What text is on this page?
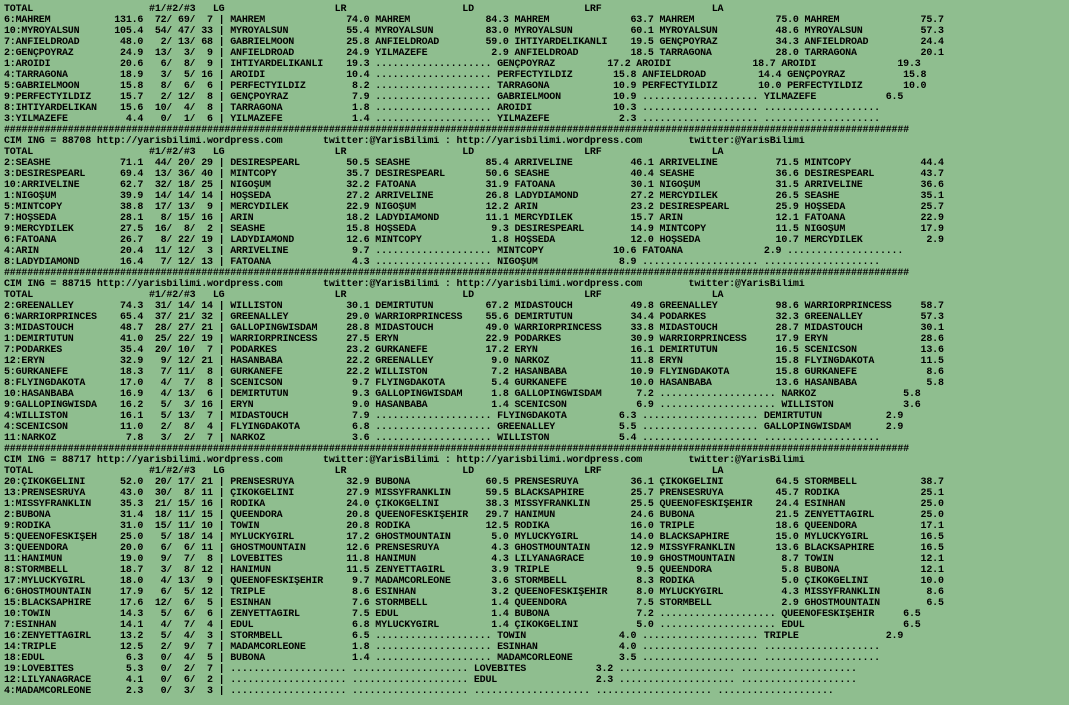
TOTAL                    #1/#2/#3   LG                   LR                    LD                   LRF                   LA
6:MAHREM           131.6  72/ 69/  7 | MAHREM              74.0 MAHREM             84.3 MAHREM              63.7 MAHREM              75.0 MAHREM              75.7
10:MYROYALSUN      105.4  54/ 47/ 33 | MYROYALSUN          55.4 MYROYALSUN         83.0 MYROYALSUN          60.1 MYROYALSUN          48.6 MYROYALSUN          57.3
7:ANFIELDROAD       48.0   2/ 13/ 68 | GABRİELMOON         25.8 ANFIELDROAD        59.0 İHTİYARDELİKANLI    19.5 GENÇPOYRAZ          34.3 ANFIELDROAD         24.4
2:GENÇPOYRAZ        24.9  13/  3/  9 | ANFIELDROAD         24.9 YILMAZEFE           2.9 ANFIELDROAD         18.5 TARRAGONA           28.0 TARRAGONA           20.1
1:AROIDI            20.6   6/  8/  9 | İHTİYARDELİKANLI    19.3 .................... GENÇPOYRAZ         17.2 AROIDI              18.7 AROIDI              19.3
4:TARRAGONA         18.9   3/  5/ 16 | AROIDI              10.4 .................... PERFECTYILDIZ       15.8 ANFIELDROAD         14.4 GENÇPOYRAZ          15.8
5:GABRİELMOON       15.8   8/  6/  6 | PERFECTYILDIZ        8.2 .................... TARRAGONA           10.9 PERFECTYILDIZ       10.0 PERFECTYILDIZ       10.0
9:PERFECTYILDIZ     15.7   2/ 12/  8 | GENÇPOYRAZ           7.9 .................... GABRİELMOON         10.9 .................... YILMAZEFE            6.5
8:İHTİYARDELİKAN    15.6  10/  4/  8 | TARRAGONA            1.8 .................... AROIDI              10.3 .................... ....................
3:YILMAZEFE          4.4   0/  1/  6 | YILMAZEFE            1.4 .................... YILMAZEFE            2.3 .................... ....................
############################################################################################################################################################
CIM ING = 88708 http://yarisbilimi.wordpress.com       twitter:@YarisBilimi : http://yarisbilimi.wordpress.com        twitter:@YarisBilimi
TOTAL                    #1/#2/#3   LG                   LR                    LD                   LRF                   LA
2:SEASHE            71.1  44/ 20/ 29 | DESIRESPEARL        50.5 SEASHE             85.4 ARRIVELINE          46.1 ARRIVELINE          71.5 MINTCOPY            44.4
3:DESIRESPEARL      69.4  13/ 36/ 40 | MINTCOPY            35.7 DESIRESPEARL       50.6 SEASHE              40.4 SEASHE              36.6 DESIRESPEARL        43.7
10:ARRIVELINE       62.7  32/ 18/ 25 | NİGOŞUM             32.2 FATOANA            31.9 FATOANA             30.1 NİGOŞUM             31.5 ARRIVELINE          36.6
1:NİGOŞUM           39.9  14/ 14/ 14 | HOŞSEDA             27.2 ARRIVELINE         26.8 LADYDIAMOND         27.2 MERCYDİLEK          26.5 SEASHE              35.1
5:MINTCOPY          38.8  17/ 13/  9 | MERCYDİLEK          22.9 NİGOŞUM            12.2 ARİN                23.2 DESIRESPEARL        25.9 HOŞSEDA             25.7
7:HOŞSEDA           28.1   8/ 15/ 16 | ARİN                18.2 LADYDIAMOND        11.1 MERCYDİLEK          15.7 ARİN                12.1 FATOANA             22.9
9:MERCYDİLEK        27.5  16/  8/  2 | SEASHE              15.8 HOŞSEDA             9.3 DESIRESPEARL        14.9 MINTCOPY            11.5 NİGOŞUM             17.9
6:FATOANA           26.7   8/ 22/ 19 | LADYDIAMOND         12.6 MINTCOPY            1.8 HOŞSEDA             12.0 HOŞSEDA             10.7 MERCYDİLEK           2.9
4:ARİN              20.4  11/ 12/  3 | ARRIVELINE           9.7 .................... MINTCOPY            10.6 FATOANA              2.9 ....................
8:LADYDIAMOND       16.4   7/ 12/ 13 | FATOANA              4.3 .................... NİGOŞUM              8.9 .................... ....................
############################################################################################################################################################
CIM ING = 88715 http://yarisbilimi.wordpress.com       twitter:@YarisBilimi : http://yarisbilimi.wordpress.com        twitter:@YarisBilimi
TOTAL                    #1/#2/#3   LG                   LR                    LD                   LRF                   LA
2:GREENALLEY        74.3  31/ 14/ 14 | WILLISTON           30.1 DEMİRTÜTÜN         67.2 MIDASTOUCH          49.8 GREENALLEY          98.6 WARRIORPRINCESS     58.7
6:WARRIORPRINCES    65.4  37/ 21/ 32 | GREENALLEY          29.0 WARRIORPRINCESS    55.6 DEMİRTÜTÜN          34.4 PODARKES            32.3 GREENALLEY          57.3
3:MIDASTOUCH        48.7  28/ 27/ 21 | GALLOPINGWISDAM     28.8 MIDASTOUCH         49.0 WARRIORPRINCESS     33.8 MIDASTOUCH          28.7 MIDASTOUCH          30.1
1:DEMİRTÜTÜN        41.0  25/ 22/ 19 | WARRIORPRINCESS     27.5 ERYN               22.9 PODARKES            30.9 WARRIORPRINCESS     17.9 ERYN                28.6
7:PODARKES          35.4  20/ 10/  7 | PODARKES            23.2 GÜRKANEFE          17.2 ERYN                16.1 DEMİRTÜTÜN          16.5 SCENICSON           13.6
12:ERYN             32.9   9/ 12/ 21 | HASANBABA           22.2 GREENALLEY          9.0 NARKOZ              11.8 ERYN                15.8 FLYINGDAKOTA        11.5
5:GÜRKANEFE         18.3   7/ 11/  8 | GÜRKANEFE           22.2 WILLISTON           7.2 HASANBABA           10.9 FLYINGDAKOTA        15.8 GÜRKANEFE            8.6
8:FLYINGDAKOTA      17.0   4/  7/  8 | SCENICSON            9.7 FLYINGDAKOTA        5.4 GÜRKANEFE           10.0 HASANBABA           13.6 HASANBABA            5.8
10:HASANBABA        16.9   4/ 13/  6 | DEMİRTÜTÜN           9.3 GALLOPINGWISDAM     1.8 GALLOPINGWISDAM      7.2 .................... NARKOZ               5.8
9:GALLOPINGWISDA    16.2   5/  3/ 16 | ERYN                 9.0 HASANBABA           1.4 SCENICSON            6.9 .................... WILLISTON            3.6
4:WILLISTON         16.1   5/ 13/  7 | MIDASTOUCH           7.9 .................... FLYINGDAKOTA         6.3 .................... DEMİRTÜTÜN           2.9
4:SCENICSON         11.0   2/  8/  4 | FLYINGDAKOTA         6.8 .................... GREENALLEY           5.5 .................... GALLOPINGWISDAM      2.9
11:NARKOZ            7.8   3/  2/  7 | NARKOZ               3.6 .................... WILLISTON            5.4 .................... ....................
############################################################################################################################################################
CIM ING = 88717 http://yarisbilimi.wordpress.com       twitter:@YarisBilimi : http://yarisbilimi.wordpress.com        twitter:@YarisBilimi
TOTAL                    #1/#2/#3   LG                   LR                    LD                   LRF                   LA
20:ÇIKOKGELİNİ      52.0  20/ 17/ 21 | PRENSESRUYA         32.9 BUBONA             60.5 PRENSESRUYA         36.1 ÇIKOKGELİNİ         64.5 STORMBELL           38.7
13:PRENSESRUYA      43.0  30/  8/ 11 | ÇIKOKGELİNİ         27.9 MISSYFRANKLIN      59.5 BLACKSAPHIRE        25.7 PRENSESRUYA         45.7 RODIKA              25.1
1:MISSYFRANKLIN     35.3  21/ 15/ 16 | RODIKA              24.0 ÇIKOKGELİNİ        38.3 MISSYFRANKLIN       25.5 QUEENOFESKİŞEHİR    24.4 ESİNHAN             25.0
2:BUBONA            31.4  18/ 11/ 15 | QUEENDORA           20.8 QUEENOFESKİŞEHİR   29.7 HANİMUN             24.6 BUBONA              21.5 ZENYETTAGIRL        25.0
9:RODIKA            31.0  15/ 11/ 10 | TOWIN               20.8 RODIKA             12.5 RODIKA              16.0 TRIPLE              18.6 QUEENDORA           17.1
5:QUEENOFESKİŞEH    25.0   5/ 18/ 14 | MYLUCKYGIRL         17.2 GHOSTMOUNTAIN       5.0 MYLUCKYGIRL         14.0 BLACKSAPHIRE        15.0 MYLUCKYGIRL         16.5
3:QUEENDORA         20.0   6/  6/ 11 | GHOSTMOUNTAIN       12.6 PRENSESRUYA         4.3 GHOSTMOUNTAIN       12.9 MISSYFRANKLIN       13.6 BLACKSAPHIRE        16.5
11:HANİMUN          19.0   9/  7/  8 | LOVEBITES           11.8 HANİMUN             4.3 LILYANAGRACE        10.9 GHOSTMOUNTAIN        8.7 TOWIN               12.1
8:STORMBELL         18.7   3/  8/ 12 | HANİMUN             11.5 ZENYETTAGIRL        3.9 TRIPLE               9.5 QUEENDORA            5.8 BUBONA              12.1
17:MYLUCKYGIRL      18.0   4/ 13/  9 | QUEENOFESKİŞEHİR     9.7 MADAMCORLEONE       3.6 STORMBELL            8.3 RODIKA               5.0 ÇIKOKGELİNİ         10.0
6:GHOSTMOUNTAIN     17.9   6/  5/ 12 | TRIPLE               8.6 ESİNHAN             3.2 QUEENOFESKİŞEHİR     8.0 MYLUCKYGIRL          4.3 MISSYFRANKLIN        8.6
15:BLACKSAPHIRE     17.6  12/  6/  5 | ESİNHAN              7.6 STORMBELL           1.4 QUEENDORA            7.5 STORMBELL            2.9 GHOSTMOUNTAIN        6.5
10:TOWIN            14.3   5/  6/  6 | ZENYETTAGIRL         7.5 EDUL                1.4 BUBONA               7.2 .................... QUEENOFESKİŞEHİR     6.5
7:ESİNHAN           14.1   4/  7/  4 | EDUL                 6.8 MYLUCKYGIRL         1.4 ÇIKOKGELİNİ          5.0 .................... EDUL                 6.5
16:ZENYETTAGIRL     13.2   5/  4/  3 | STORMBELL            6.5 .................... TOWIN                4.0 .................... TRIPLE               2.9
14:TRIPLE           12.5   2/  9/  7 | MADAMCORLEONE        1.8 .................... ESİNHAN              4.0 .................... ....................
18:EDUL              6.3   0/  4/  5 | BUBONA               1.4 .................... MADAMCORLEONE        3.5 .................... ....................
19:LOVEBITES         5.3   0/  2/  7 | .................... .................... LOVEBITES            3.2 .................... ....................
12:LILYANAGRACE      4.1   0/  6/  2 | .................... .................... EDUL                 2.3 .................... ....................
4:MADAMCORLEONE      2.3   0/  3/  3 | .................... .................... .................... .................... ....................
